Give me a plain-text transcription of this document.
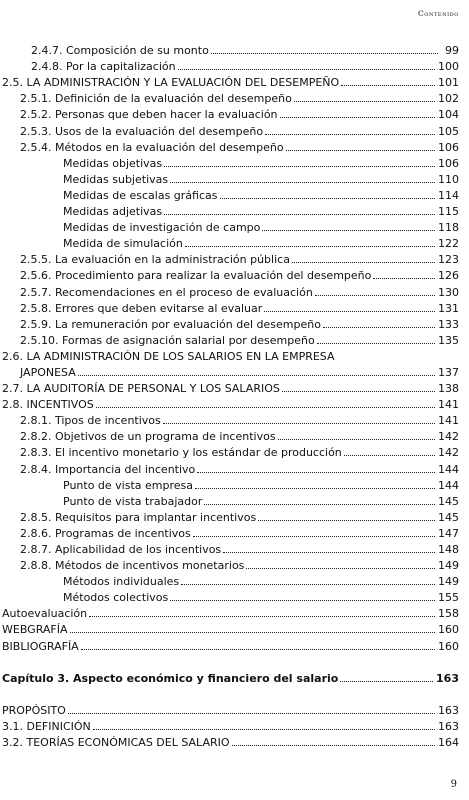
Contenido
2.4.7. Composición de su monto	99
2.4.8. Por la capitalización	100
2.5. LA ADMINISTRACIÓN Y LA EVALUACIÓN DEL DESEMPEÑO	101
2.5.1. Definición de la evaluación del desempeño	102
2.5.2. Personas que deben hacer la evaluación	104
2.5.3. Usos de la evaluación del desempeño	105
2.5.4. Métodos en la evaluación del desempeño	106
Medidas objetivas	106
Medidas subjetivas	110
Medidas de escalas gráficas	114
Medidas adjetivas	115
Medidas de investigación de campo	118
Medida de simulación	122
2.5.5. La evaluación en la administración pública	123
2.5.6. Procedimiento para realizar la evaluación del desempeño	126
2.5.7. Recomendaciones en el proceso de evaluación	130
2.5.8. Errores que deben evitarse al evaluar	131
2.5.9. La remuneración por evaluación del desempeño	133
2.5.10. Formas de asignación salarial por desempeño	135
2.6. LA ADMINISTRACIÓN DE LOS SALARIOS EN LA EMPRESA
JAPONESA	137
2.7. LA AUDITORÍA DE PERSONAL Y LOS SALARIOS	138
2.8. INCENTIVOS	141
2.8.1. Tipos de incentivos	141
2.8.2. Objetivos de un programa de incentivos	142
2.8.3. El incentivo monetario y los estándar de producción	142
2.8.4. Importancia del incentivo	144
Punto de vista empresa	144
Punto de vista trabajador	145
2.8.5. Requisitos para implantar incentivos	145
2.8.6. Programas de incentivos	147
2.8.7. Aplicabilidad de los incentivos	148
2.8.8. Métodos de incentivos monetarios	149
Métodos individuales	149
Métodos colectivos	155
Autoevaluación	158
WEBGRAFÍA	160
BIBLIOGRAFÍA	160
Capítulo 3. Aspecto económico y financiero del salario	163
PROPÓSITO	163
3.1. DEFINICIÓN	163
3.2. TEORÍAS ECONÓMICAS DEL SALARIO	164
9
